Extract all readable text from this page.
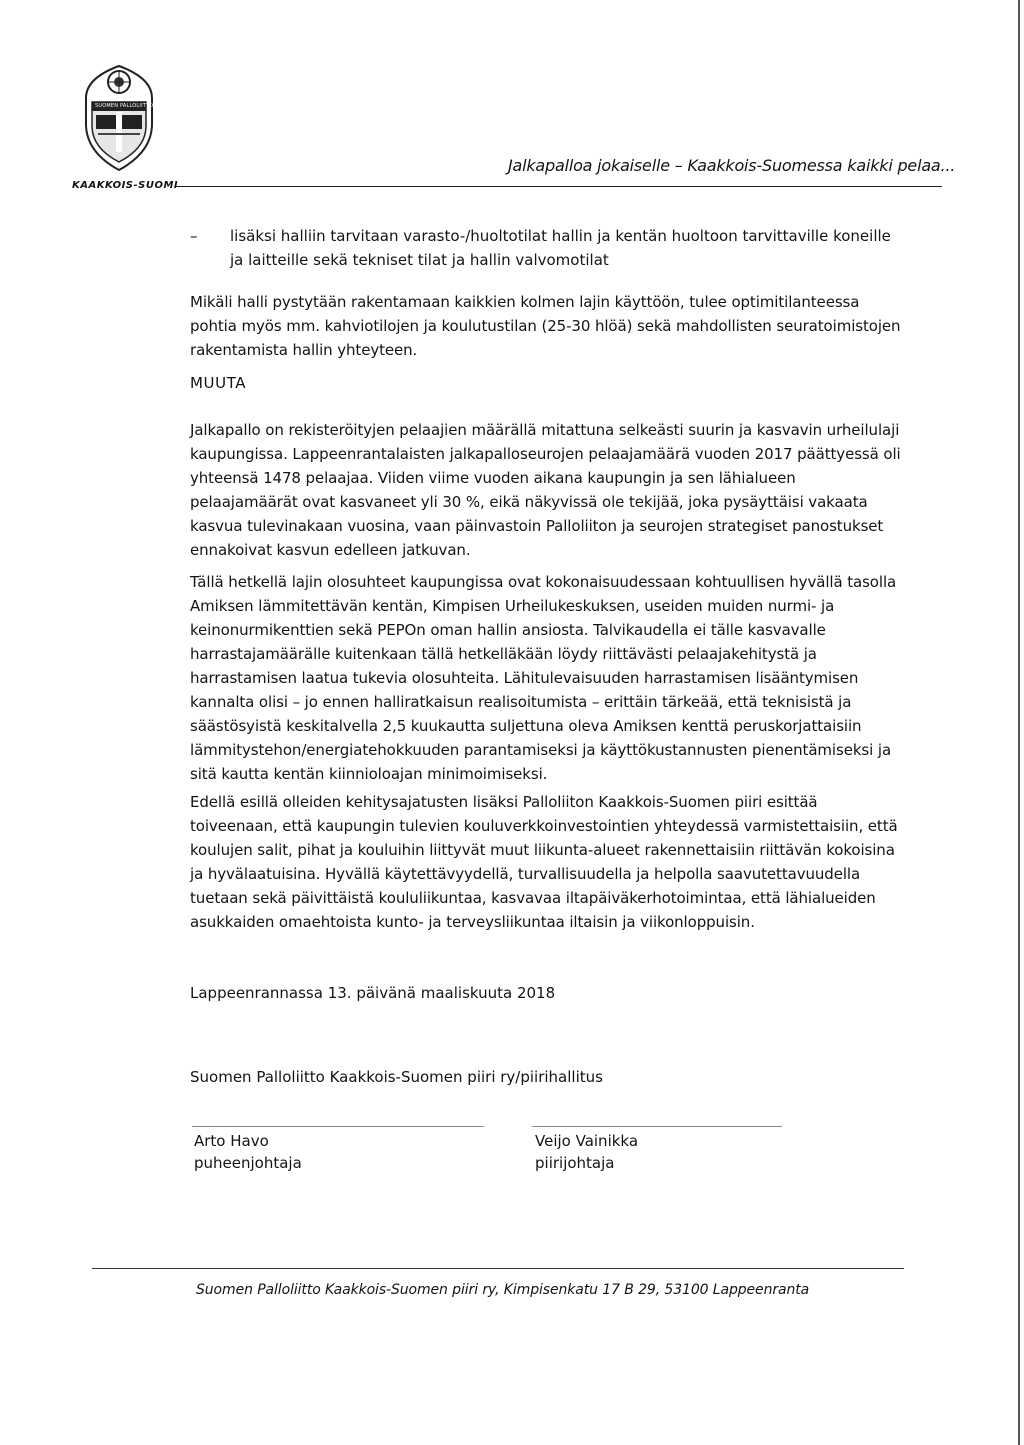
SUOMEN PALLOLIITTO
KAAKKOIS-SUOMI
Jalkapalloa jokaiselle – Kaakkois-Suomessa kaikki pelaa...
– lisäksi halliin tarvitaan varasto-/huoltotilat hallin ja kentän huoltoon tarvittaville koneille ja laitteille sekä tekniset tilat ja hallin valvomotilat
Mikäli halli pystytään rakentamaan kaikkien kolmen lajin käyttöön, tulee optimitilanteessa pohtia myös mm. kahviotilojen ja koulutustilan (25-30 hlöä) sekä mahdollisten seuratoimistojen rakentamista hallin yhteyteen.
MUUTA
Jalkapallo on rekisteröityjen pelaajien määrällä mitattuna selkeästi suurin ja kasvavin urheilulaji kaupungissa. Lappeenrantalaisten jalkapalloseurojen pelaajamäärä vuoden 2017 päättyessä oli yhteensä 1478 pelaajaa. Viiden viime vuoden aikana kaupungin ja sen lähialueen pelaajamäärät ovat kasvaneet yli 30 %, eikä näkyvissä ole tekijää, joka pysäyttäisi vakaata kasvua tulevinakaan vuosina, vaan päinvastoin Palloliiton ja seurojen strategiset panostukset ennakoivat kasvun edelleen jatkuvan.
Tällä hetkellä lajin olosuhteet kaupungissa ovat kokonaisuudessaan kohtuullisen hyvällä tasolla Amiksen lämmitettävän kentän, Kimpisen Urheilukeskuksen, useiden muiden nurmi- ja keinonurmikenttien sekä PEPOn oman hallin ansiosta. Talvikaudella ei tälle kasvavalle harrastajamäärälle kuitenkaan tällä hetkelläkään löydy riittävästi pelaajakehitystä ja harrastamisen laatua tukevia olosuhteita. Lähitulevaisuuden harrastamisen lisääntymisen kannalta olisi – jo ennen halliratkaisun realisoitumista – erittäin tärkeää, että teknisistä ja säästösyistä keskitalvella 2,5 kuukautta suljettuna oleva Amiksen kenttä peruskorjattaisiin lämmitystehon/energiatehokkuuden parantamiseksi ja käyttökustannusten pienentämiseksi ja sitä kautta kentän kiinnioloajan minimoimiseksi.
Edellä esillä olleiden kehitysajatusten lisäksi Palloliiton Kaakkois-Suomen piiri esittää toiveenaan, että kaupungin tulevien kouluverkkoinvestointien yhteydessä varmistettaisiin, että koulujen salit, pihat ja kouluihin liittyvät muut liikunta-alueet rakennettaisiin riittävän kokoisina ja hyvälaatuisina. Hyvällä käytettävyydellä, turvallisuudella ja helpolla saavutettavuudella tuetaan sekä päivittäistä koululiikuntaa, kasvavaa iltapäiväkerhotoimintaa, että lähialueiden asukkaiden omaehtoista kunto- ja terveysliikuntaa iltaisin ja viikonloppuisin.
Lappeenrannassa 13. päivänä maaliskuuta 2018
Suomen Palloliitto Kaakkois-Suomen piiri ry/piirihallitus
Arto Havo
puheenjohtaja
Veijo Vainikka
piirijohtaja
Suomen Palloliitto Kaakkois-Suomen piiri ry, Kimpisenkatu 17 B 29, 53100 Lappeenranta
